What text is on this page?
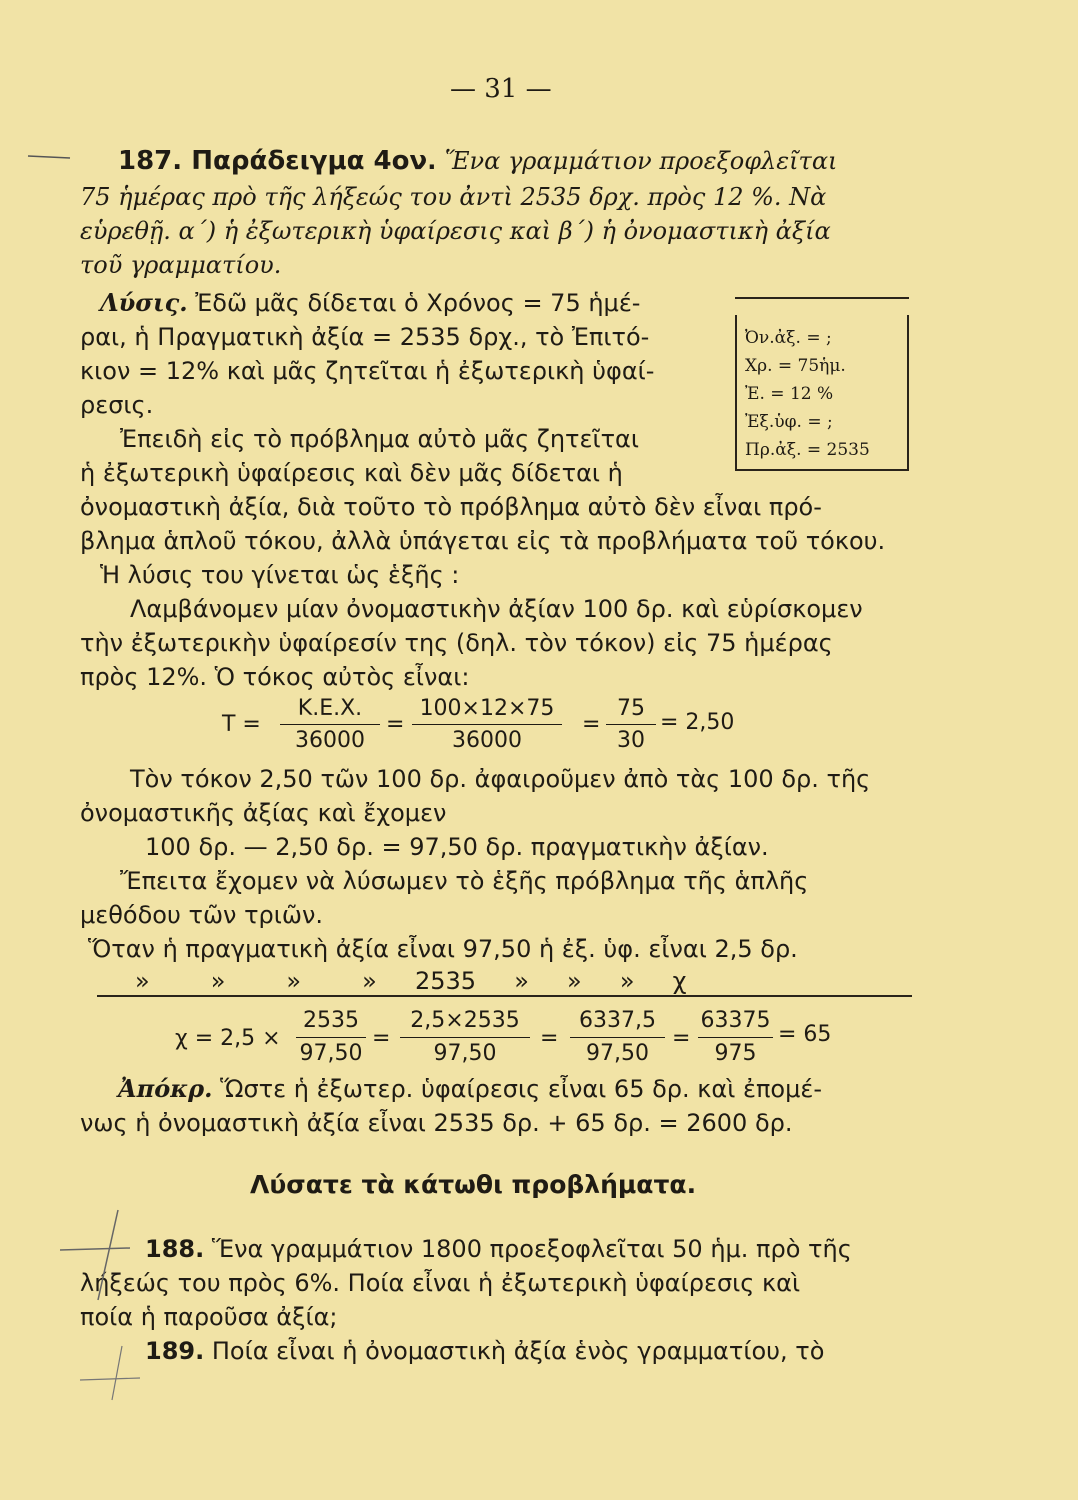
— 31 —
187. Παράδειγμα 4ον. Ἕνα γραμμάτιον προεξοφλεῖται
75 ἡμέρας πρὸ τῆς λήξεώς του ἀντὶ 2535 δρχ. πρὸς 12 %. Νὰ
εὑρεθῇ. α΄) ἡ ἐξωτερικὴ ὑφαίρεσις καὶ β΄) ἡ ὀνομαστικὴ ἀξία
τοῦ γραμματίου.
Λύσις. Ἐδῶ μᾶς δίδεται ὁ Χρόνος = 75 ἡμέ-
ραι, ἡ Πραγματικὴ ἀξία = 2535 δρχ., τὸ Ἐπιτό-
κιον = 12% καὶ μᾶς ζητεῖται ἡ ἐξωτερικὴ ὑφαί-
ρεσις.
Ἐπειδὴ εἰς τὸ πρόβλημα αὐτὸ μᾶς ζητεῖται
ἡ ἐξωτερικὴ ὑφαίρεσις καὶ δὲν μᾶς δίδεται ἡ
ὀνομαστικὴ ἀξία, διὰ τοῦτο τὸ πρόβλημα αὐτὸ δὲν εἶναι πρό-
βλημα ἁπλοῦ τόκου, ἀλλὰ ὑπάγεται εἰς τὰ προβλήματα τοῦ τόκου.
Ἡ λύσις του γίνεται ὡς ἑξῆς :
Λαμβάνομεν μίαν ὀνομαστικὴν ἀξίαν 100 δρ. καὶ εὑρίσκομεν
τὴν ἐξωτερικὴν ὑφαίρεσίν της (δηλ. τὸν τόκον) εἰς 75 ἡμέρας
πρὸς 12%. Ὁ τόκος αὐτὸς εἶναι:
Ὀν.ἀξ. = ;
Χρ. = 75ἡμ.
Ἐ. = 12 %
Ἐξ.ὑφ. = ;
Πρ.ἀξ. = 2535
Τ =
Κ.Ε.Χ.
36000
=
100×12×75
36000
=
75
30
= 2,50
Τὸν τόκον 2,50 τῶν 100 δρ. ἀφαιροῦμεν ἀπὸ τὰς 100 δρ. τῆς
ὀνομαστικῆς ἀξίας καὶ ἔχομεν
100 δρ. — 2,50 δρ. = 97,50 δρ. πραγματικὴν ἀξίαν.
Ἔπειτα ἔχομεν νὰ λύσωμεν τὸ ἑξῆς πρόβλημα τῆς ἁπλῆς
μεθόδου τῶν τριῶν.
Ὅταν ἡ πραγματικὴ ἀξία εἶναι 97,50 ἡ ἐξ. ὑφ. εἶναι 2,5 δρ.
»        »        »        »     2535     »     »     »     χ
χ = 2,5 ×
2535
97,50
=
2,5×2535
97,50
=
6337,5
97,50
=
63375
975
= 65
Ἀπόκρ. Ὥστε ἡ ἐξωτερ. ὑφαίρεσις εἶναι 65 δρ. καὶ ἐπομέ-
νως ἡ ὀνομαστικὴ ἀξία εἶναι 2535 δρ. + 65 δρ. = 2600 δρ.
Λύσατε τὰ κάτωθι προβλήματα.
188. Ἕνα γραμμάτιον 1800 προεξοφλεῖται 50 ἡμ. πρὸ τῆς
λήξεώς του πρὸς 6%. Ποία εἶναι ἡ ἐξωτερικὴ ὑφαίρεσις καὶ
ποία ἡ παροῦσα ἀξία;
189. Ποία εἶναι ἡ ὀνομαστικὴ ἀξία ἑνὸς γραμματίου, τὸ
